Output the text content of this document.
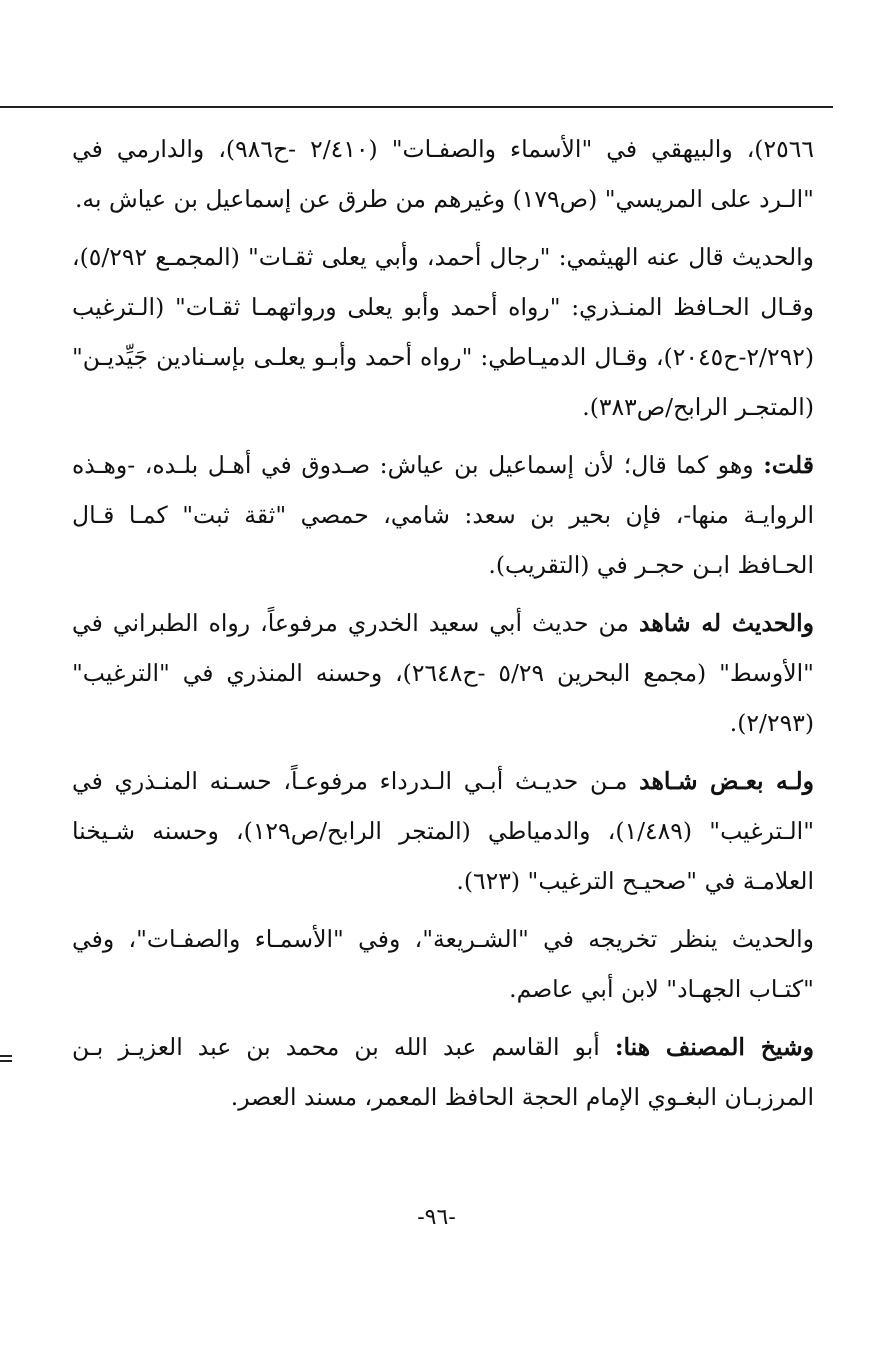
٢٥٦٦)، والبيهقي في "الأسماء والصفـات" (٢/٤١٠ -ح٩٨٦)، والدارمي في "الـرد على المريسي" (ص١٧٩) وغيرهم من طرق عن إسماعيل بن عياش به.

والحديث قال عنه الهيثمي: "رجال أحمد، وأبي يعلى ثقـات" (المجمـع ٥/٢٩٢)، وقـال الحـافظ المنـذري: "رواه أحمد وأبو يعلى ورواتهمـا ثقـات" (الـترغيب (٢/٢٩٢-ح٢٠٤٥)، وقـال الدميـاطي: "رواه أحمد وأبـو يعلـى بإسـنادين جَيِّديـن" (المتجـر الرابح/ص٣٨٣).

قلت: وهو كما قال؛ لأن إسماعيل بن عياش: صـدوق في أهـل بلـده، -وهـذه الروايـة منها-، فإن بحير بن سعد: شامي، حمصي "ثقة ثبت" كمـا قـال الحـافظ ابـن حجـر في (التقريب).

والحديث له شاهد من حديث أبي سعيد الخدري مرفوعاً، رواه الطبراني في "الأوسط" (مجمع البحرين ٥/٢٩ -ح٢٦٤٨)، وحسنه المنذري في "الترغيب" (٢/٢٩٣).

ولـه بعـض شـاهد مـن حديـث أبـي الـدرداء مرفوعـاً، حسـنه المنـذري في "الـترغيب" (١/٤٨٩)، والدمياطي (المتجر الرابح/ص١٢٩)، وحسنه شـيخنا العلامـة في "صحيـح الترغيب" (٦٢٣).

والحديث ينظر تخريجه في "الشـريعة"، وفي "الأسمـاء والصفـات"، وفي "كتـاب الجهـاد" لابن أبي عاصم.

وشيخ المصنف هنا: أبو القاسم عبد الله بن محمد بن عبد العزيـز بـن المرزبـان البغـوي الإمام الحجة الحافظ المعمر، مسند العصر.

-٩٦-
